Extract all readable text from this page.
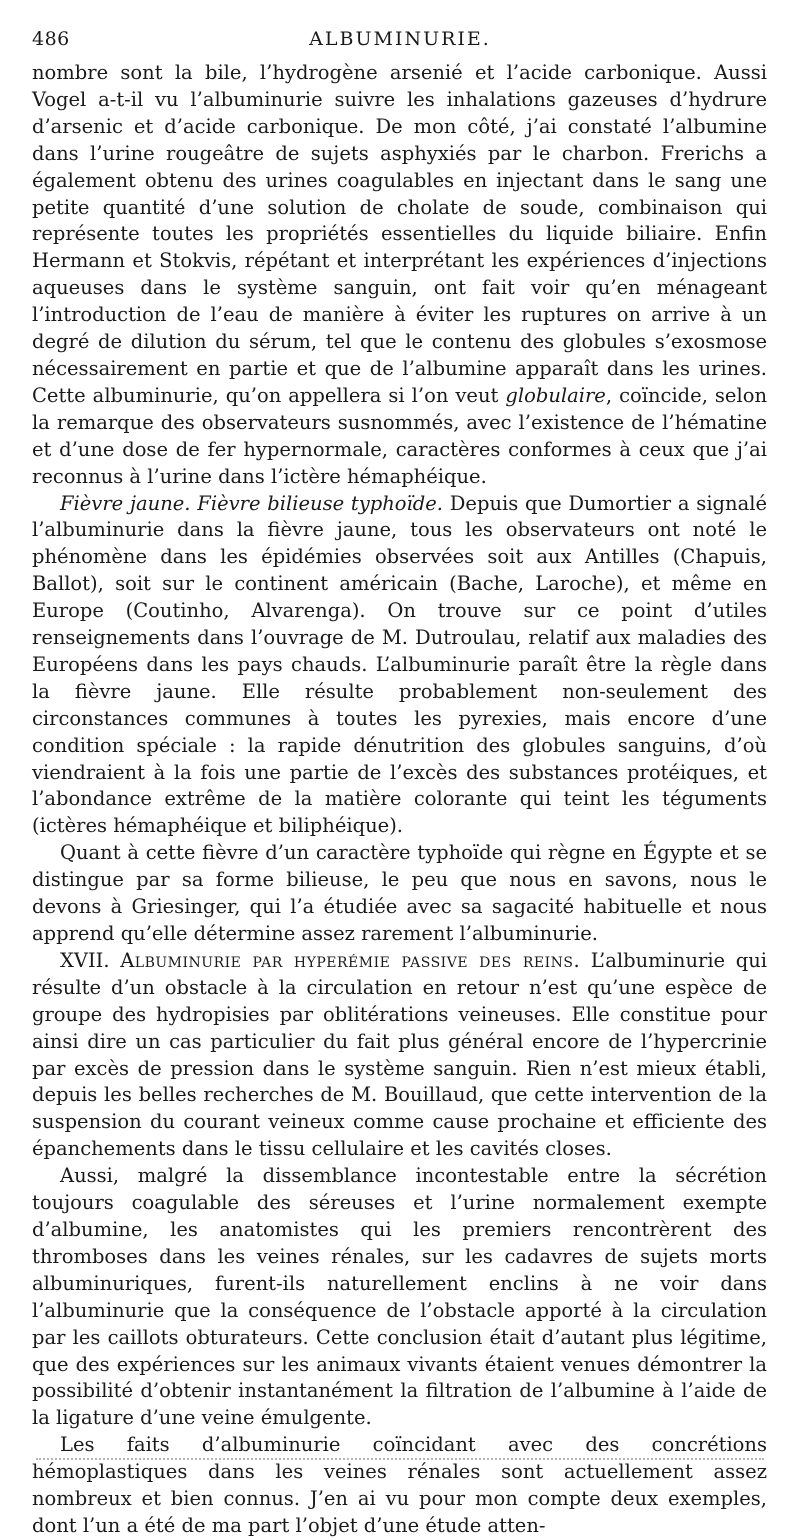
486	ALBUMINURIE.

nombre sont la bile, l’hydrogène arsenié et l’acide carbonique. Aussi Vogel a-t-il vu l’albuminurie suivre les inhalations gazeuses d’hydrure d’arsenic et d’acide carbonique. De mon côté, j’ai constaté l’albumine dans l’urine rougeâtre de sujets asphyxiés par le charbon. Frerichs a également obtenu des urines coagulables en injectant dans le sang une petite quantité d’une solution de cholate de soude, combinaison qui représente toutes les propriétés essentielles du liquide biliaire. Enfin Hermann et Stokvis, répétant et interprétant les expériences d’injections aqueuses dans le système sanguin, ont fait voir qu’en ménageant l’introduction de l’eau de manière à éviter les ruptures on arrive à un degré de dilution du sérum, tel que le contenu des globules s’exosmose nécessairement en partie et que de l’albumine apparaît dans les urines. Cette albuminurie, qu’on appellera si l’on veut globulaire, coïncide, selon la remarque des observateurs susnommés, avec l’existence de l’hématine et d’une dose de fer hypernormale, caractères conformes à ceux que j’ai reconnus à l’urine dans l’ictère hémaphéique.

Fièvre jaune. Fièvre bilieuse typhoïde. Depuis que Dumortier a signalé l’albuminurie dans la fièvre jaune, tous les observateurs ont noté le phénomène dans les épidémies observées soit aux Antilles (Chapuis, Ballot), soit sur le continent américain (Bache, Laroche), et même en Europe (Coutinho, Alvarenga). On trouve sur ce point d’utiles renseignements dans l’ouvrage de M. Dutroulau, relatif aux maladies des Européens dans les pays chauds. L’albuminurie paraît être la règle dans la fièvre jaune. Elle résulte probablement non-seulement des circonstances communes à toutes les pyrexies, mais encore d’une condition spéciale : la rapide dénutrition des globules sanguins, d’où viendraient à la fois une partie de l’excès des substances protéiques, et l’abondance extrême de la matière colorante qui teint les téguments (ictères hémaphéique et biliphéique).

Quant à cette fièvre d’un caractère typhoïde qui règne en Égypte et se distingue par sa forme bilieuse, le peu que nous en savons, nous le devons à Griesinger, qui l’a étudiée avec sa sagacité habituelle et nous apprend qu’elle détermine assez rarement l’albuminurie.

XVII. Albuminurie par hyperémie passive des reins. L’albuminurie qui résulte d’un obstacle à la circulation en retour n’est qu’une espèce de groupe des hydropisies par oblitérations veineuses. Elle constitue pour ainsi dire un cas particulier du fait plus général encore de l’hypercrinie par excès de pression dans le système sanguin. Rien n’est mieux établi, depuis les belles recherches de M. Bouillaud, que cette intervention de la suspension du courant veineux comme cause prochaine et efficiente des épanchements dans le tissu cellulaire et les cavités closes.

Aussi, malgré la dissemblance incontestable entre la sécrétion toujours coagulable des séreuses et l’urine normalement exempte d’albumine, les anatomistes qui les premiers rencontrèrent des thromboses dans les veines rénales, sur les cadavres de sujets morts albuminuriques, furent-ils naturellement enclins à ne voir dans l’albuminurie que la conséquence de l’obstacle apporté à la circulation par les caillots obturateurs. Cette conclusion était d’autant plus légitime, que des expériences sur les animaux vivants étaient venues démontrer la possibilité d’obtenir instantanément la filtration de l’albumine à l’aide de la ligature d’une veine émulgente.

Les faits d’albuminurie coïncidant avec des concrétions hémoplastiques dans les veines rénales sont actuellement assez nombreux et bien connus. J’en ai vu pour mon compte deux exemples, dont l’un a été de ma part l’objet d’une étude atten-
